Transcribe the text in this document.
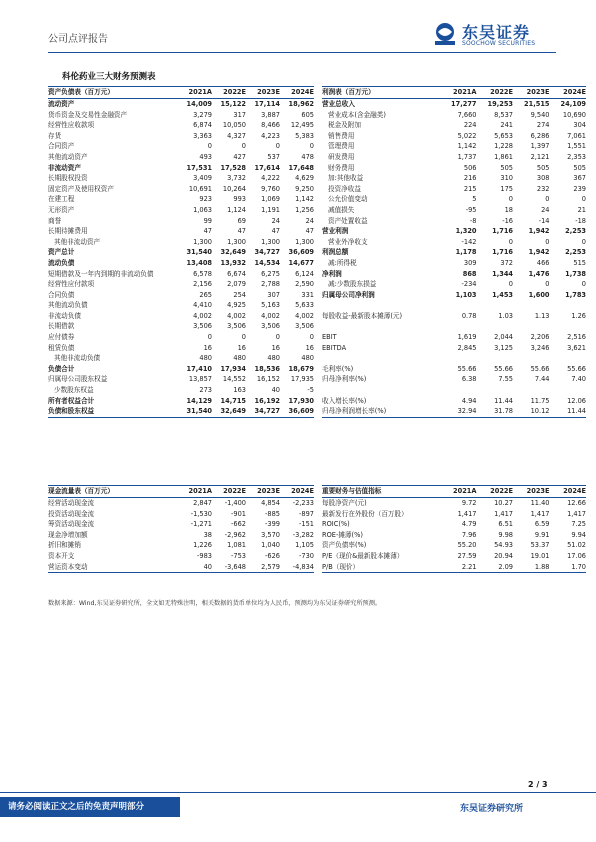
公司点评报告	东吴证券
SOOCHOW SECURITIES
科伦药业三大财务预测表
资产负债表（百万元）	2021A	2022E	2023E	2024E
流动资产	14,009	15,122	17,114	18,962
货币资金及交易性金融资产	3,279	317	3,887	605
经营性应收款项	6,874	10,050	8,466	12,495
存货	3,363	4,327	4,223	5,383
合同资产	0	0	0	0
其他流动资产	493	427	537	478
非流动资产	17,531	17,528	17,614	17,648
长期股权投资	3,409	3,732	4,222	4,629
固定资产及使用权资产	10,691	10,264	9,760	9,250
在建工程	923	993	1,069	1,142
无形资产	1,063	1,124	1,191	1,256
商誉	99	69	24	24
长期待摊费用	47	47	47	47
其他非流动资产	1,300	1,300	1,300	1,300
资产总计	31,540	32,649	34,727	36,609
流动负债	13,408	13,932	14,534	14,677
短期借款及一年内到期的非流动负债	6,578	6,674	6,275	6,124
经营性应付款项	2,156	2,079	2,788	2,590
合同负债	265	254	307	331
其他流动负债	4,410	4,925	5,163	5,633
非流动负债	4,002	4,002	4,002	4,002
长期借款	3,506	3,506	3,506	3,506
应付债券	0	0	0	0
租赁负债	16	16	16	16
其他非流动负债	480	480	480	480
负债合计	17,410	17,934	18,536	18,679
归属母公司股东权益	13,857	14,552	16,152	17,935
少数股东权益	273	163	40	-5
所有者权益合计	14,129	14,715	16,192	17,930
负债和股东权益	31,540	32,649	34,727	36,609
利润表（百万元）	2021A	2022E	2023E	2024E
营业总收入	17,277	19,253	21,515	24,109
营业成本(含金融类)	7,660	8,537	9,540	10,690
税金及附加	224	241	274	304
销售费用	5,022	5,653	6,286	7,061
管理费用	1,142	1,228	1,397	1,551
研发费用	1,737	1,861	2,121	2,353
财务费用	506	505	505	505
加:其他收益	216	310	308	367
投资净收益	215	175	232	239
公允价值变动	5	0	0	0
减值损失	-95	18	24	21
资产处置收益	-8	-16	-14	-18
营业利润	1,320	1,716	1,942	2,253
营业外净收支	-142	0	0	0
利润总额	1,178	1,716	1,942	2,253
减:所得税	309	372	466	515
净利润	868	1,344	1,476	1,738
减:少数股东损益	-234	0	0	0
归属母公司净利润	1,103	1,453	1,600	1,783

每股收益-最新股本摊薄(元)	0.78	1.03	1.13	1.26

EBIT	1,619	2,044	2,206	2,516
EBITDA	2,845	3,125	3,246	3,621

毛利率(%)	55.66	55.66	55.66	55.66
归母净利率(%)	6.38	7.55	7.44	7.40

收入增长率(%)	4.94	11.44	11.75	12.06
归母净利润增长率(%)	32.94	31.78	10.12	11.44
现金流量表（百万元）	2021A	2022E	2023E	2024E
经营活动现金流	2,847	-1,400	4,854	-2,233
投资活动现金流	-1,530	-901	-885	-897
筹资活动现金流	-1,271	-662	-399	-151
现金净增加额	38	-2,962	3,570	-3,282
折旧和摊销	1,226	1,081	1,040	1,105
资本开支	-983	-753	-626	-730
营运资本变动	40	-3,648	2,579	-4,834
重要财务与估值指标	2021A	2022E	2023E	2024E
每股净资产(元)	9.72	10.27	11.40	12.66
最新发行在外股份（百万股）	1,417	1,417	1,417	1,417
ROIC(%)	4.79	6.51	6.59	7.25
ROE-摊薄(%)	7.96	9.98	9.91	9.94
资产负债率(%)	55.20	54.93	53.37	51.02
P/E（现价&最新股本摊薄）	27.59	20.94	19.01	17.06
P/B（现价）	2.21	2.09	1.88	1.70
数据来源：Wind,东吴证券研究所，全文如无特殊注明，相关数据的货币单位均为人民币，预测均为东吴证券研究所预测。
2 / 3
请务必阅读正文之后的免责声明部分	东吴证券研究所
